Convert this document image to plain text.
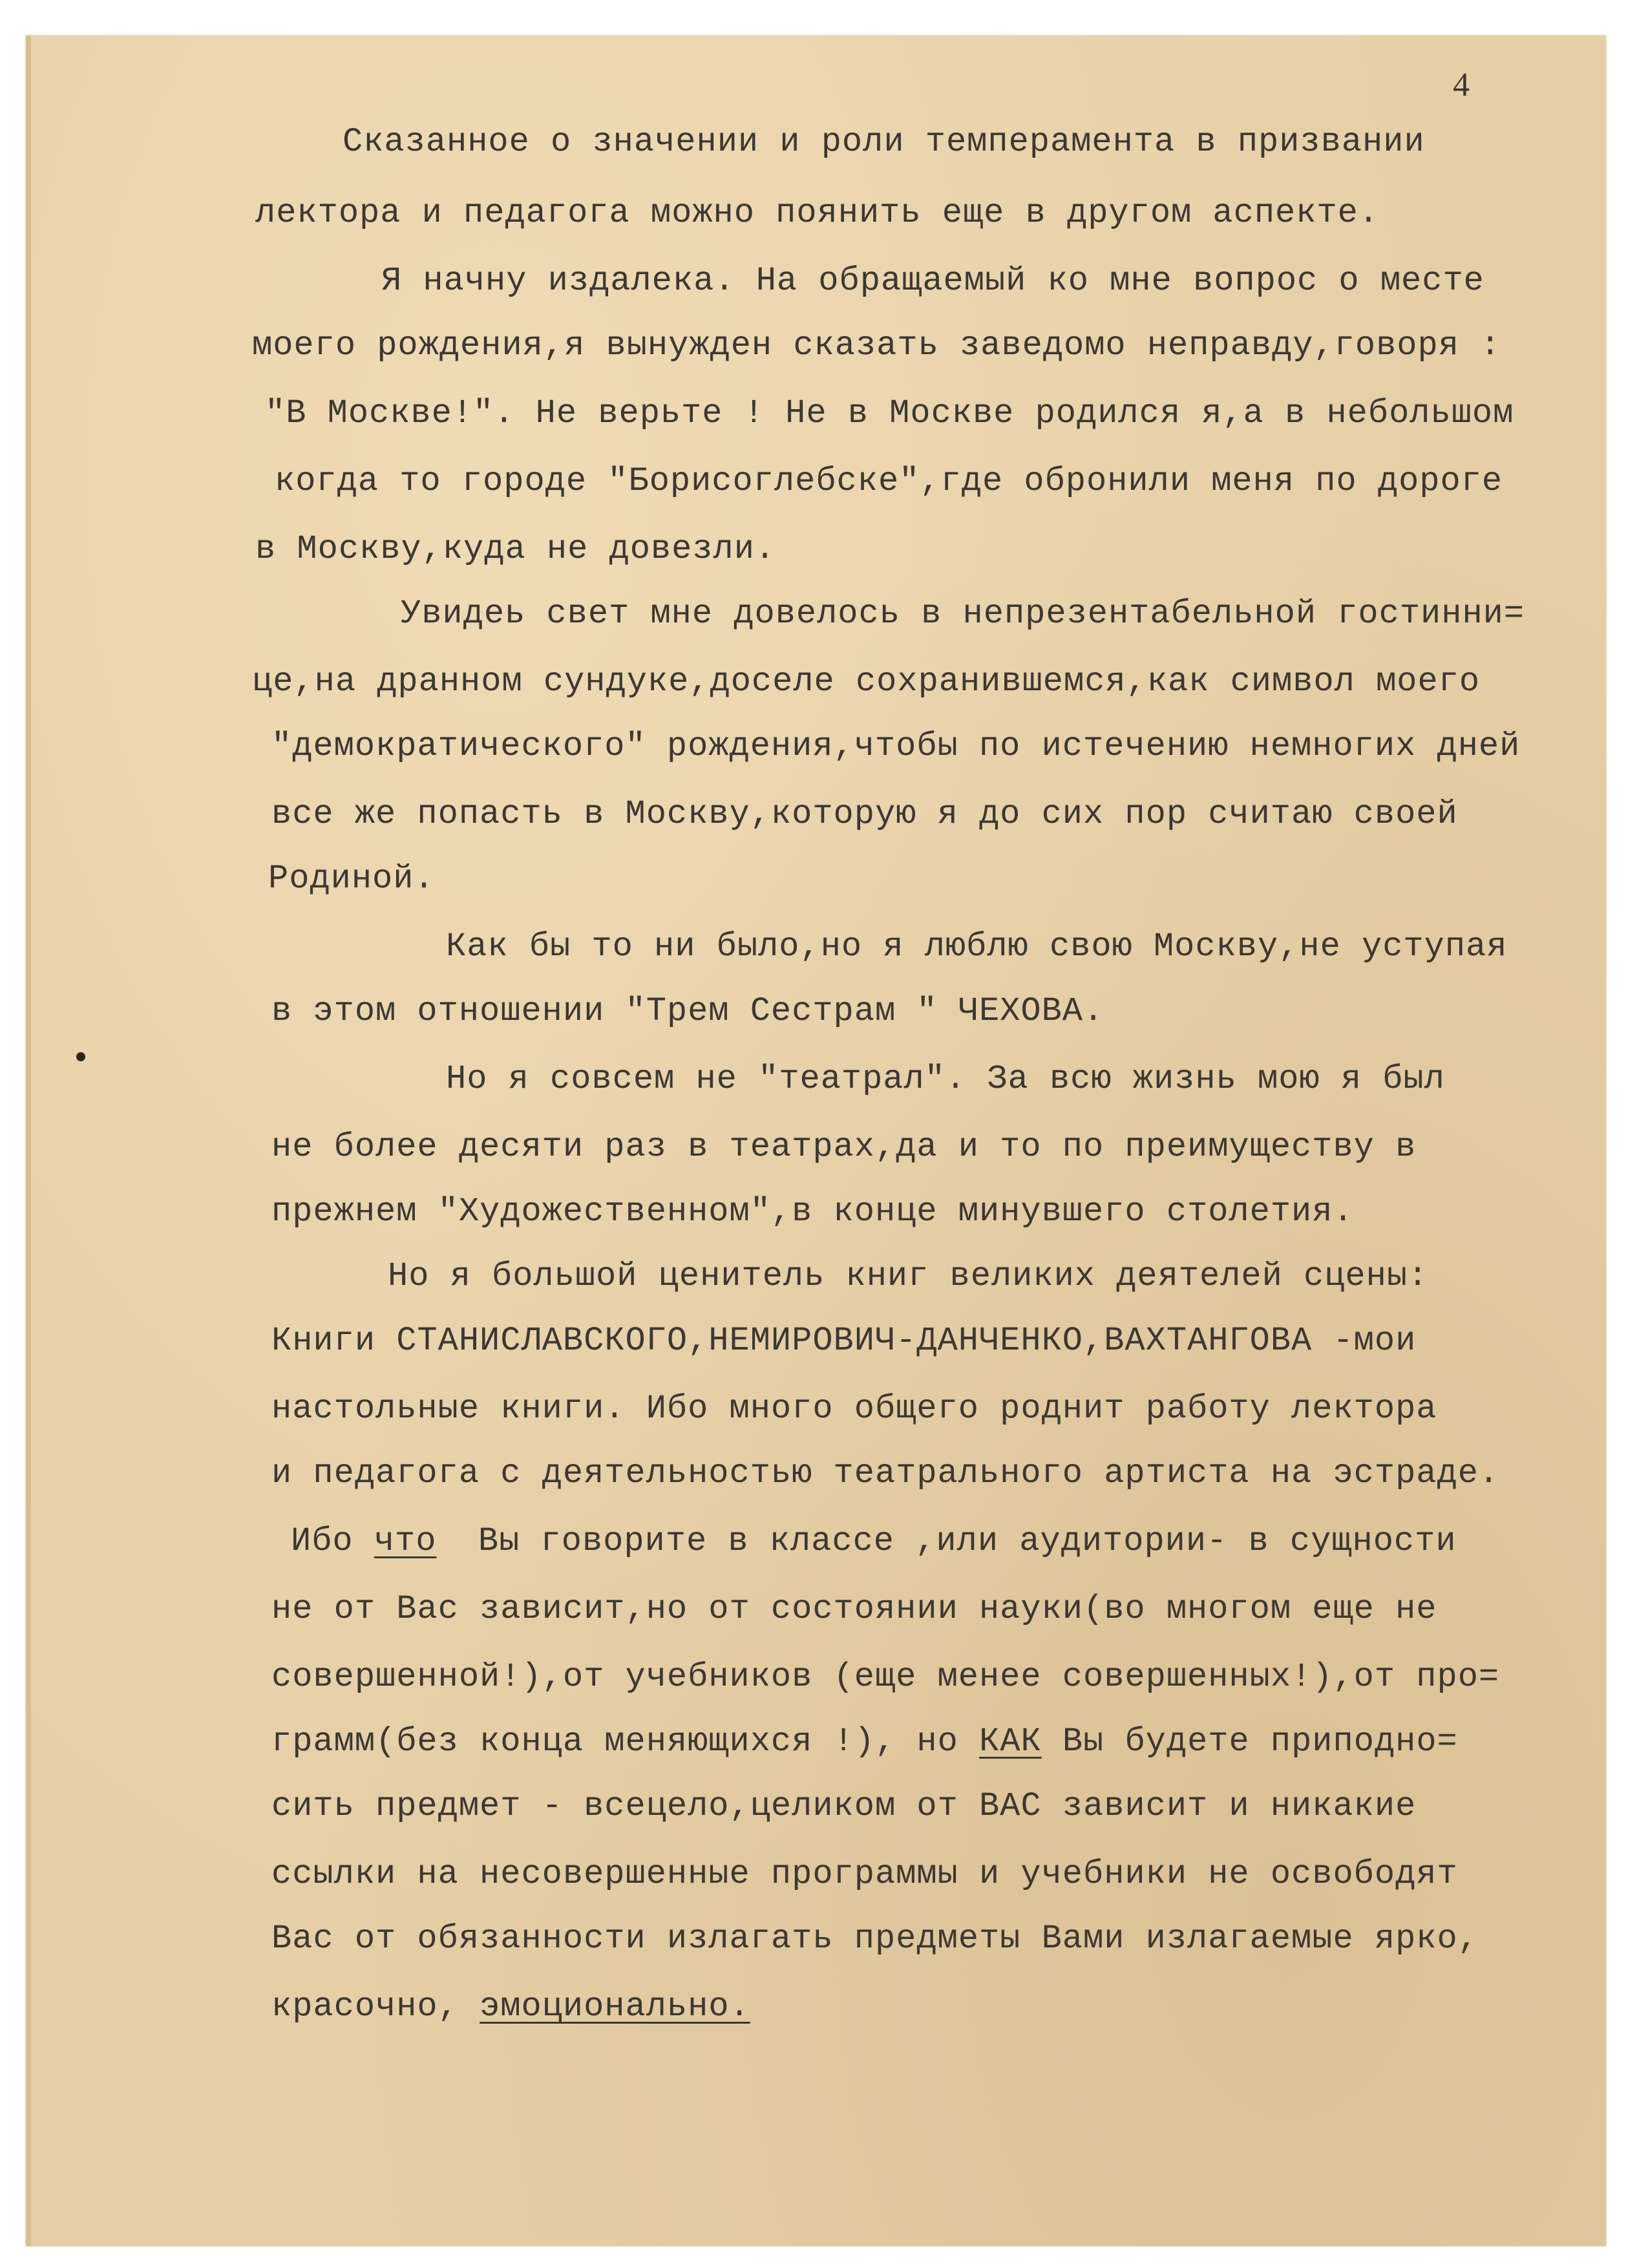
4
Сказанное о значении и роли темперамента в призвании
лектора и педагога можно поянить еще в другом аспекте.
Я начну издалека. На обращаемый ко мне вопрос о месте
моего рождения,я вынужден сказать заведомо неправду,говоря :
"В Москве!". Не верьте ! Не в Москве родился я,а в небольшом
когда то городе "Борисоглебске",где обронили меня по дороге
в Москву,куда не довезли.
Увидеь свет мне довелось в непрезентабельной гостинни=
це,на дранном сундуке,доселе сохранившемся,как символ моего
"демократического" рождения,чтобы по истечению немногих дней
все же попасть в Москву,которую я до сих пор считаю своей
Родиной.
Как бы то ни было,но я люблю свою Москву,не уступая
в этом отношении "Трем Сестрам " ЧЕХОВА.
Но я совсем не "театрал". За всю жизнь мою я был
не более десяти раз в театрах,да и то по преимуществу в
прежнем "Художественном",в конце минувшего столетия.
Но я большой ценитель книг великих деятелей сцены:
Книги СТАНИСЛАВСКОГО,НЕМИРОВИЧ-ДАНЧЕНКО,ВАХТАНГОВА -мои
настольные книги. Ибо много общего роднит работу лектора
и педагога с деятельностью театрального артиста на эстраде.
Ибо что Вы говорите в классе ,или аудитории- в сущности
не от Вас зависит,но от состоянии науки(во многом еще не
совершенной!),от учебников (еще менее совершенных!),от про=
грамм(без конца меняющихся !), но КАК Вы будете приподно=
сить предмет - всецело,целиком от ВАС зависит и никакие
ссылки на несовершенные программы и учебники не освободят
Вас от обязанности излагать предметы Вами излагаемые ярко,
красочно, эмоционально.
